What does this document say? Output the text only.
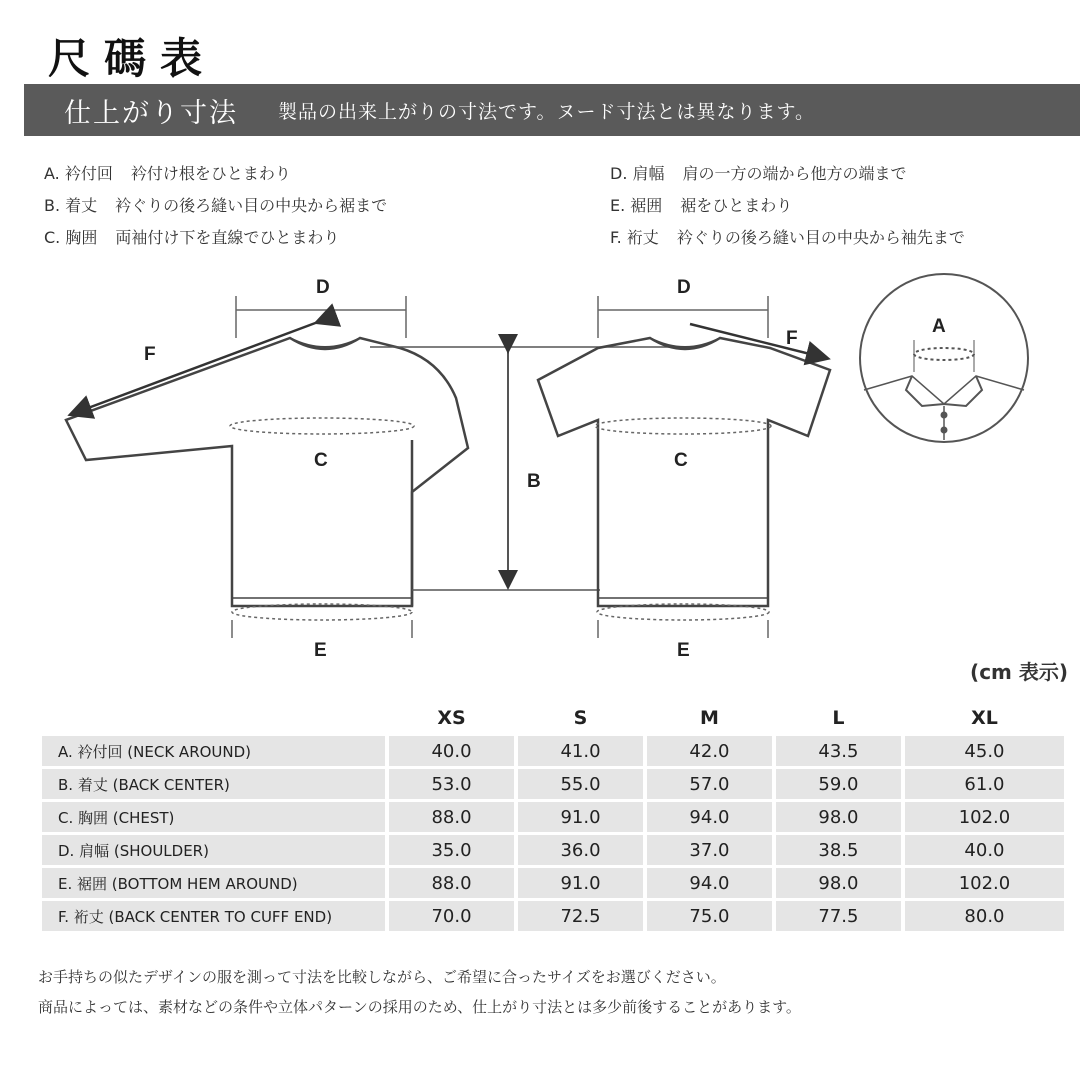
尺碼表
仕上がり寸法 製品の出来上がりの寸法です。ヌード寸法とは異なります。
A. 衿付回 衿付け根をひとまわり
B. 着丈 衿ぐりの後ろ縫い目の中央から裾まで
C. 胸囲 両袖付け下を直線でひとまわり
D. 肩幅 肩の一方の端から他方の端まで
E. 裾囲 裾をひとまわり
F. 裄丈 衿ぐりの後ろ縫い目の中央から袖先まで
D
F
C
E
B
D
F
C
E
A
(cm 表示)
	XS	S	M	L	XL
A. 衿付回 (NECK AROUND)	40.0	41.0	42.0	43.5	45.0
B. 着丈 (BACK CENTER)	53.0	55.0	57.0	59.0	61.0
C. 胸囲 (CHEST)	88.0	91.0	94.0	98.0	102.0
D. 肩幅 (SHOULDER)	35.0	36.0	37.0	38.5	40.0
E. 裾囲 (BOTTOM HEM AROUND)	88.0	91.0	94.0	98.0	102.0
F. 裄丈 (BACK CENTER TO CUFF END)	70.0	72.5	75.0	77.5	80.0
お手持ちの似たデザインの服を測って寸法を比較しながら、ご希望に合ったサイズをお選びください。
商品によっては、素材などの条件や立体パターンの採用のため、仕上がり寸法とは多少前後することがあります。
